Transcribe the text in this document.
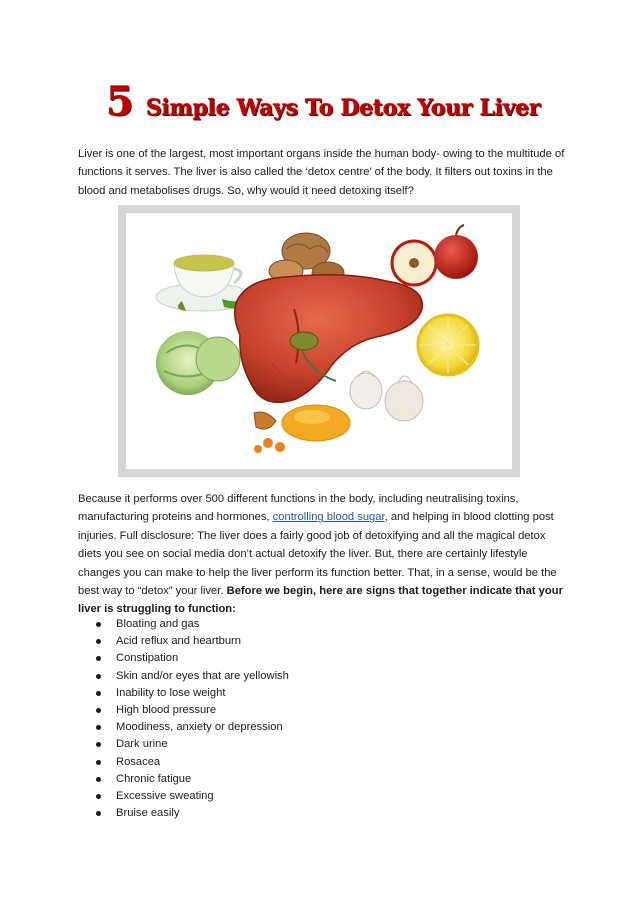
5 Simple Ways To Detox Your Liver

Liver is one of the largest, most important organs inside the human body- owing to the multitude of functions it serves. The liver is also called the ‘detox centre’ of the body. It filters out toxins in the blood and metabolises drugs. So, why would it need detoxing itself?

Because it performs over 500 different functions in the body, including neutralising toxins, manufacturing proteins and hormones, controlling blood sugar, and helping in blood clotting post injuries. Full disclosure: The liver does a fairly good job of detoxifying and all the magical detox diets you see on social media don’t actual detoxify the liver. But, there are certainly lifestyle changes you can make to help the liver perform its function better. That, in a sense, would be the best way to “detox” your liver. Before we begin, here are signs that together indicate that your liver is struggling to function:

Bloating and gas
Acid reflux and heartburn
Constipation
Skin and/or eyes that are yellowish
Inability to lose weight
High blood pressure
Moodiness, anxiety or depression
Dark urine
Rosacea
Chronic fatigue
Excessive sweating
Bruise easily
